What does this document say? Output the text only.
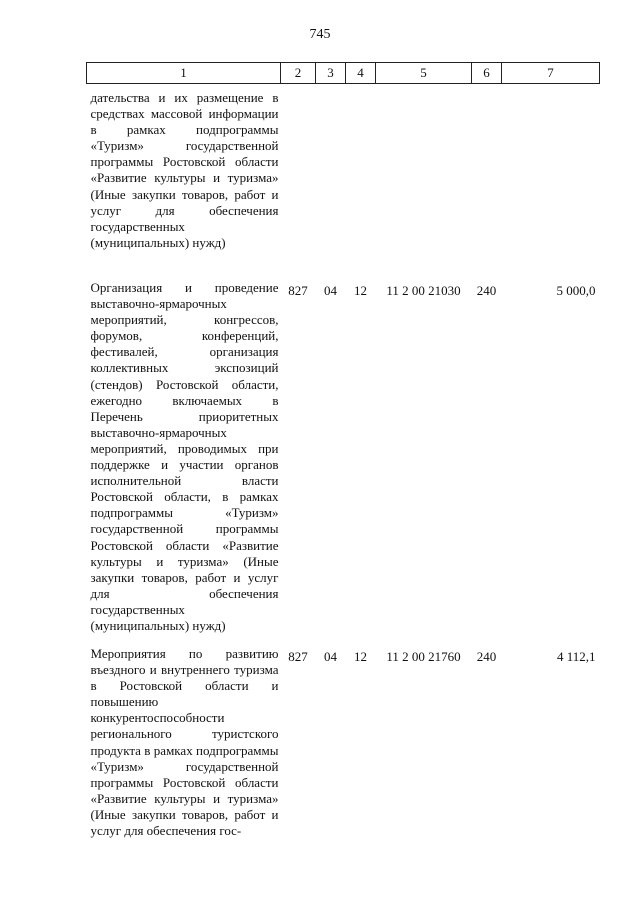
745
1	2	3	4	5	6	7
дательства и их размещение в средствах массовой информации в рамках подпрограммы «Туризм» государственной программы Ростовской области «Развитие культуры и туризма» (Иные закупки товаров, работ и услуг для обеспечения государственных (муниципальных) нужд)						
Организация и проведение выставочно-ярмарочных мероприятий, конгрессов, форумов, конференций, фестивалей, организация коллективных экспозиций (стендов) Ростовской области, ежегодно включаемых в Перечень приоритетных выставочно-ярмарочных мероприятий, проводимых при поддержке и участии органов исполнительной власти Ростовской области, в рамках подпрограммы «Туризм» государственной программы Ростовской области «Развитие культуры и туризма» (Иные закупки товаров, работ и услуг для обеспечения государственных (муниципальных) нужд)	827	04	12	11 2 00 21030	240	5 000,0
Мероприятия по развитию въездного и внутреннего туризма в Ростовской области и повышению конкурентоспособности регионального туристского продукта в рамках подпрограммы «Туризм» государственной программы Ростовской области «Развитие культуры и туризма» (Иные закупки товаров, работ и услуг для обеспечения гос-	827	04	12	11 2 00 21760	240	4 112,1
